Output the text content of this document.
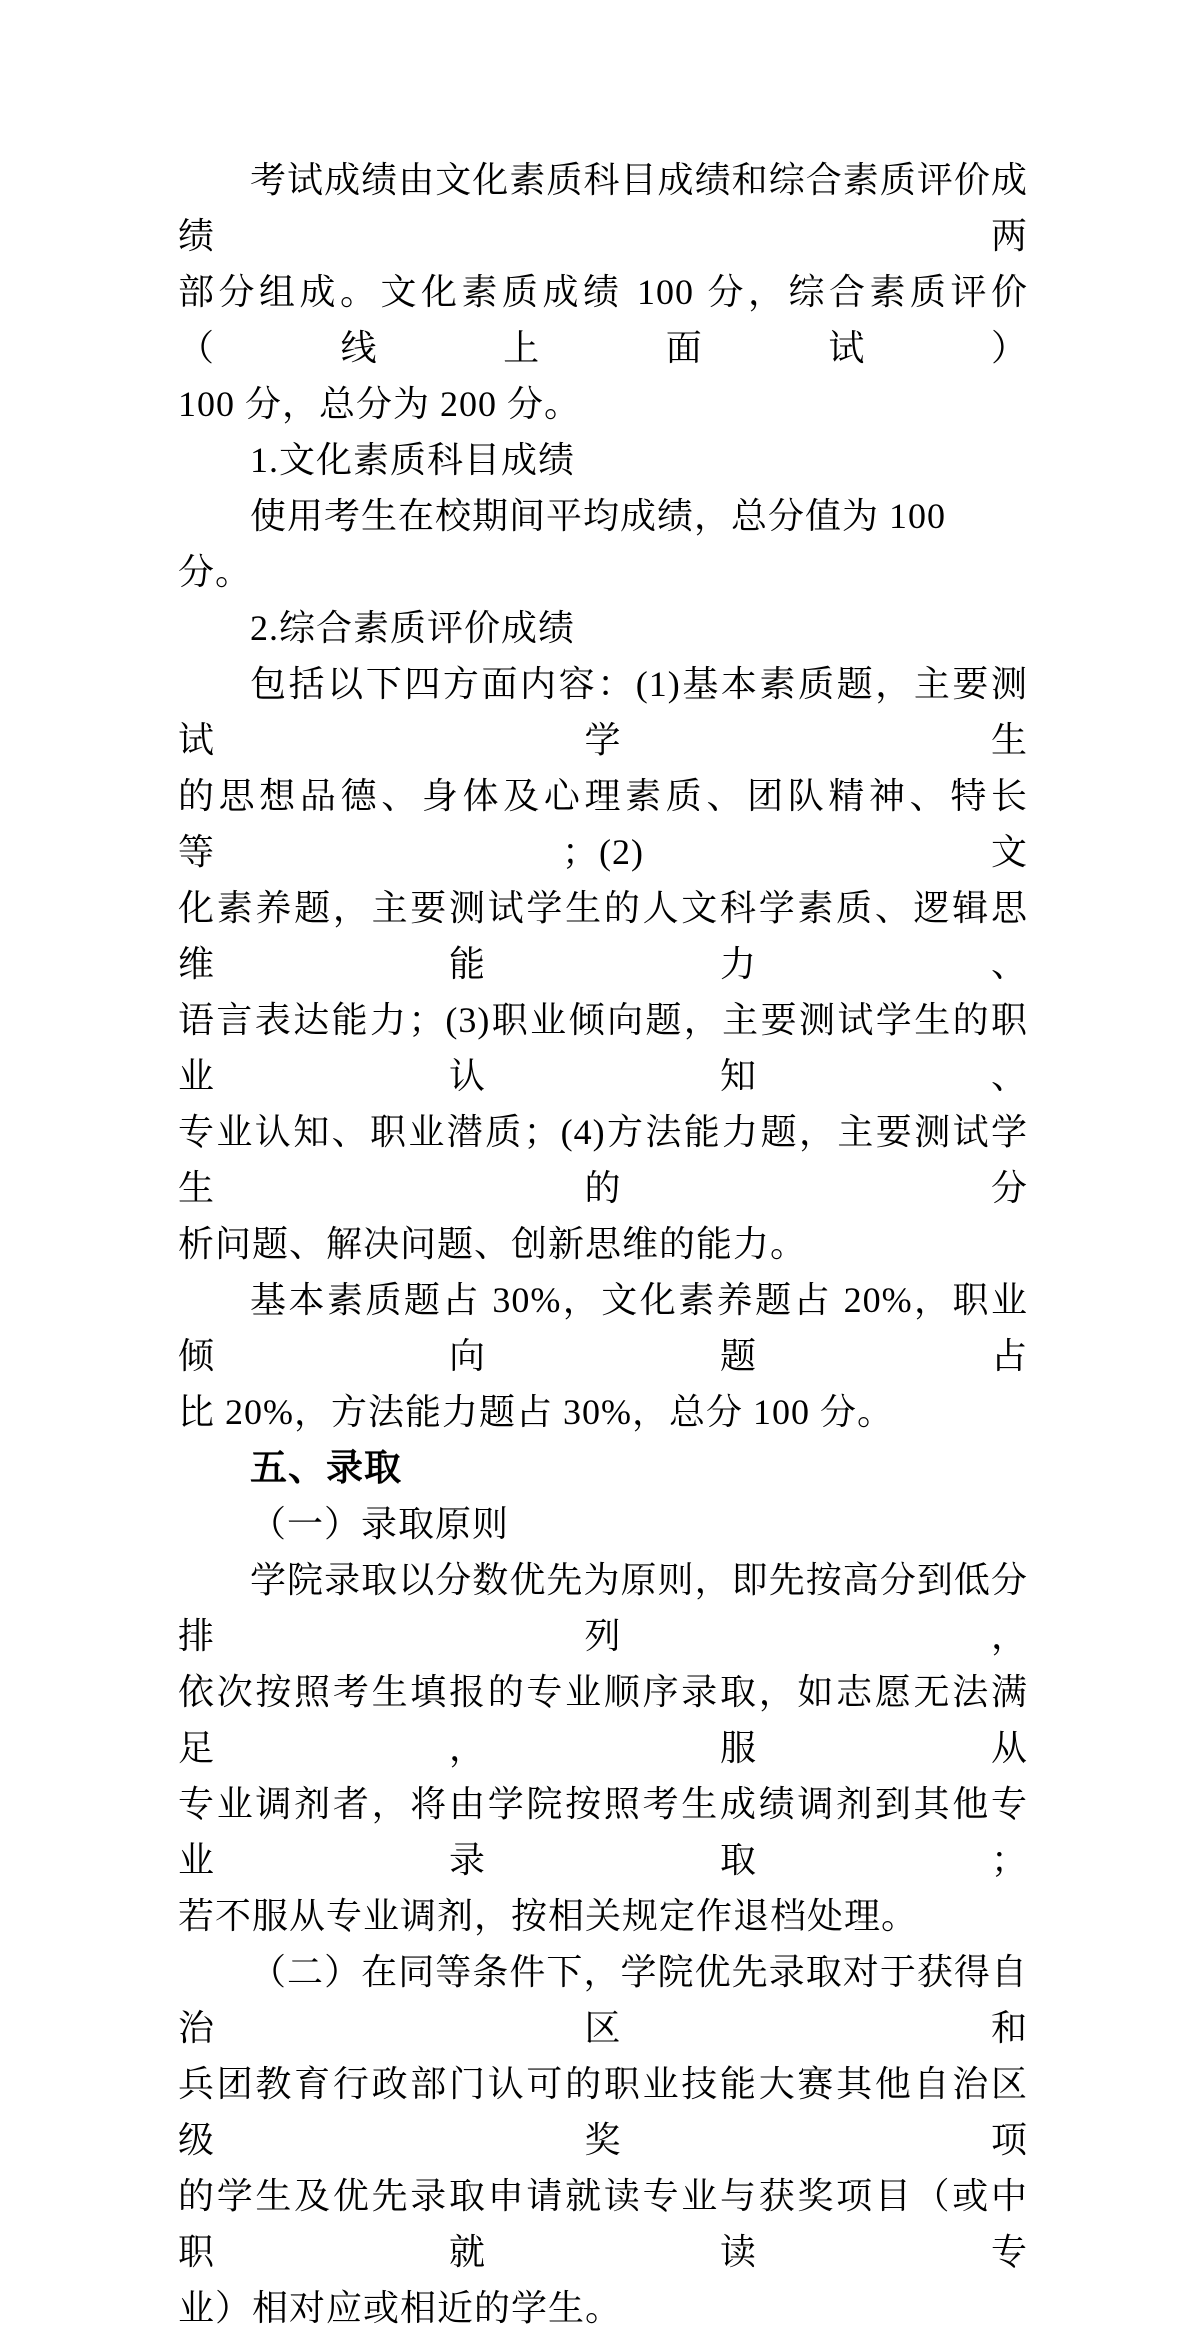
考试成绩由文化素质科目成绩和综合素质评价成绩两
部分组成。文化素质成绩 100 分，综合素质评价（线上面试）
100 分，总分为 200 分。
1.文化素质科目成绩
使用考生在校期间平均成绩，总分值为 100 分。
2.综合素质评价成绩
包括以下四方面内容：(1)基本素质题，主要测试学生
的思想品德、身体及心理素质、团队精神、特长等；(2)文
化素养题，主要测试学生的人文科学素质、逻辑思维能力、
语言表达能力；(3)职业倾向题，主要测试学生的职业认知、
专业认知、职业潜质；(4)方法能力题，主要测试学生的分
析问题、解决问题、创新思维的能力。
基本素质题占 30%，文化素养题占 20%，职业倾向题占
比 20%，方法能力题占 30%，总分 100 分。
五、录取
（一）录取原则
学院录取以分数优先为原则，即先按高分到低分排列，
依次按照考生填报的专业顺序录取，如志愿无法满足，服从
专业调剂者，将由学院按照考生成绩调剂到其他专业录取；
若不服从专业调剂，按相关规定作退档处理。
（二）在同等条件下，学院优先录取对于获得自治区和
兵团教育行政部门认可的职业技能大赛其他自治区级奖项
的学生及优先录取申请就读专业与获奖项目（或中职就读专
业）相对应或相近的学生。
